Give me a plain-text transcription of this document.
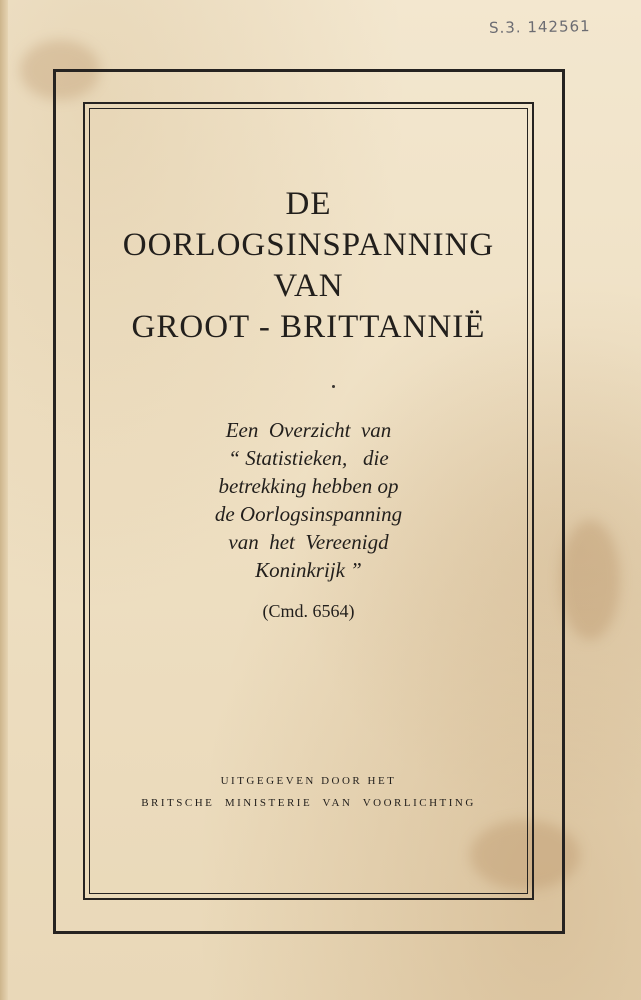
S.3. 142561
DE
OORLOGSINSPANNING
VAN
GROOT - BRITTANNIË
Een  Overzicht  van
“ Statistieken,   die
betrekking hebben op
de Oorlogsinspanning
van  het  Vereenigd
Koninkrijk ”
(Cmd. 6564)
UITGEGEVEN DOOR HET
BRITSCHE  MINISTERIE  VAN  VOORLICHTING
